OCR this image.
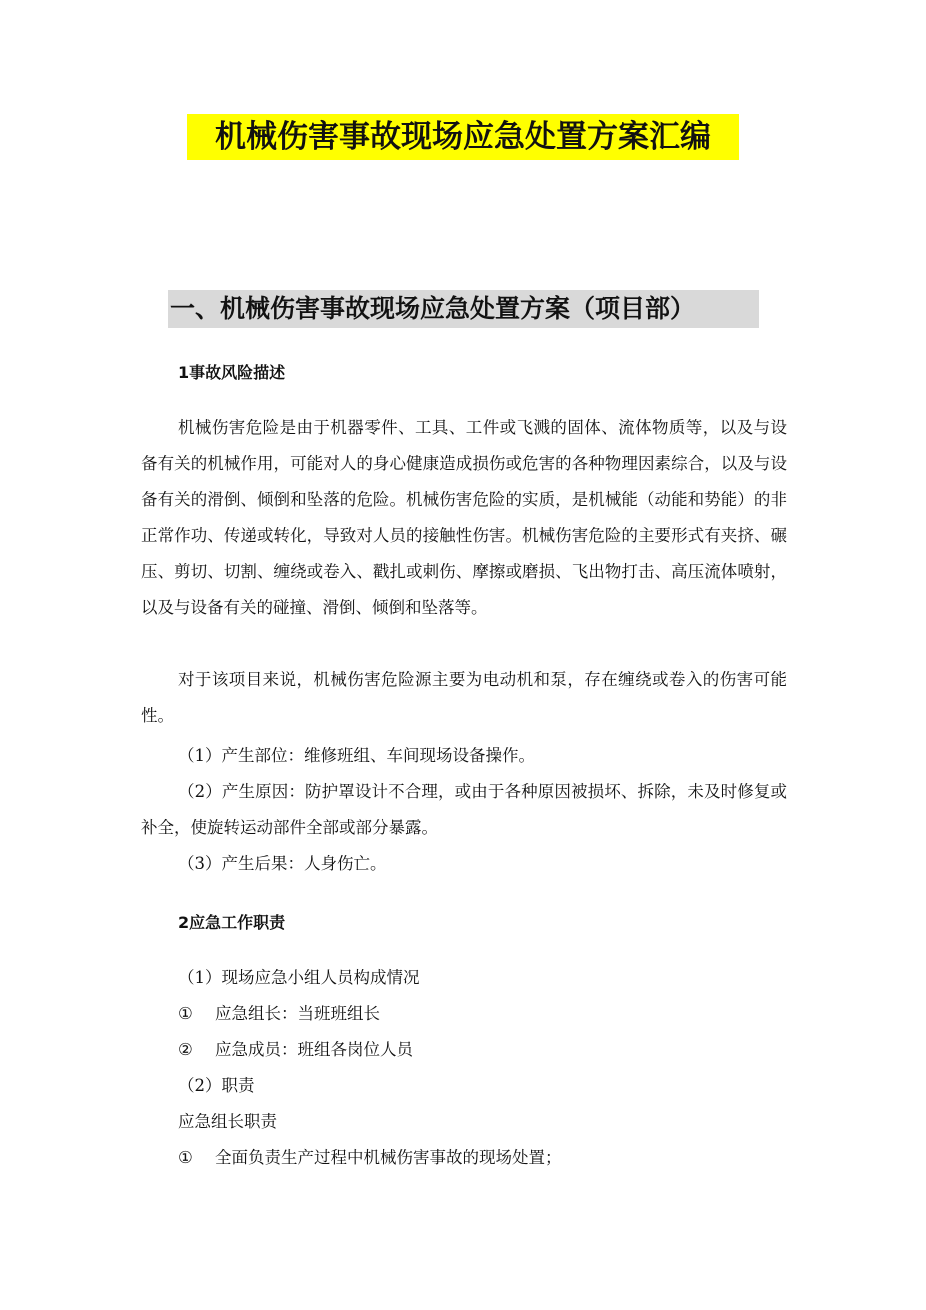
机械伤害事故现场应急处置方案汇编
一、机械伤害事故现场应急处置方案（项目部）
1事故风险描述

机械伤害危险是由于机器零件、工具、工件或飞溅的固体、流体物质等，以及与设备有关的机械作用，可能对人的身心健康造成损伤或危害的各种物理因素综合，以及与设备有关的滑倒、倾倒和坠落的危险。机械伤害危险的实质，是机械能（动能和势能）的非正常作功、传递或转化，导致对人员的接触性伤害。机械伤害危险的主要形式有夹挤、碾压、剪切、切割、缠绕或卷入、戳扎或刺伤、摩擦或磨损、飞出物打击、高压流体喷射，以及与设备有关的碰撞、滑倒、倾倒和坠落等。

对于该项目来说，机械伤害危险源主要为电动机和泵，存在缠绕或卷入的伤害可能性。

（1）产生部位：维修班组、车间现场设备操作。

（2）产生原因：防护罩设计不合理，或由于各种原因被损坏、拆除，未及时修复或补全，使旋转运动部件全部或部分暴露。

（3）产生后果：人身伤亡。

2应急工作职责
（1）现场应急小组人员构成情况
① 应急组长：当班班组长
② 应急成员：班组各岗位人员
（2）职责
应急组长职责
① 全面负责生产过程中机械伤害事故的现场处置；
